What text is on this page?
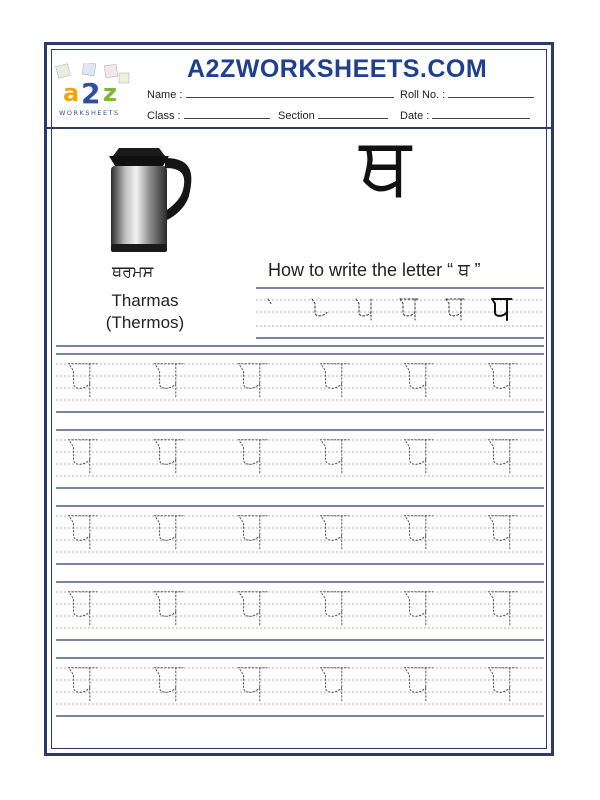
A2ZWORKSHEETS.COM
a 2 z
WORKSHEETS
Name :	Roll No. :
Class :	Section	Date :
ਥ
ਥਰਮਸ
Tharmas
(Thermos)
How to write the letter “ ਥ ”
